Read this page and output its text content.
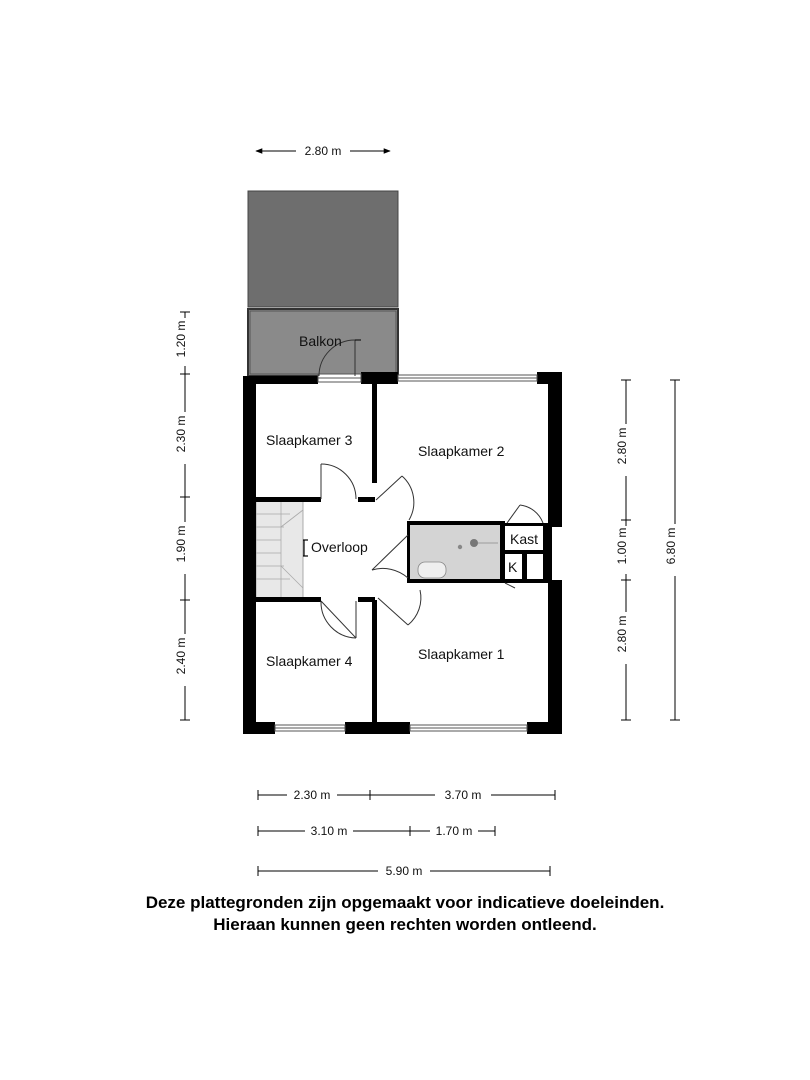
Balkon
Slaapkamer 3
Slaapkamer 2
Overloop	Kast
K
Slaapkamer 4	Slaapkamer 1
2.80 m
1.20 m
2.30 m
1.90 m
2.40 m
2.80 m
1.00 m
2.80 m
6.80 m
2.30 m	3.70 m
3.10 m	1.70 m
5.90 m
Deze plattegronden zijn opgemaakt voor indicatieve doeleinden.
Hieraan kunnen geen rechten worden ontleend.
